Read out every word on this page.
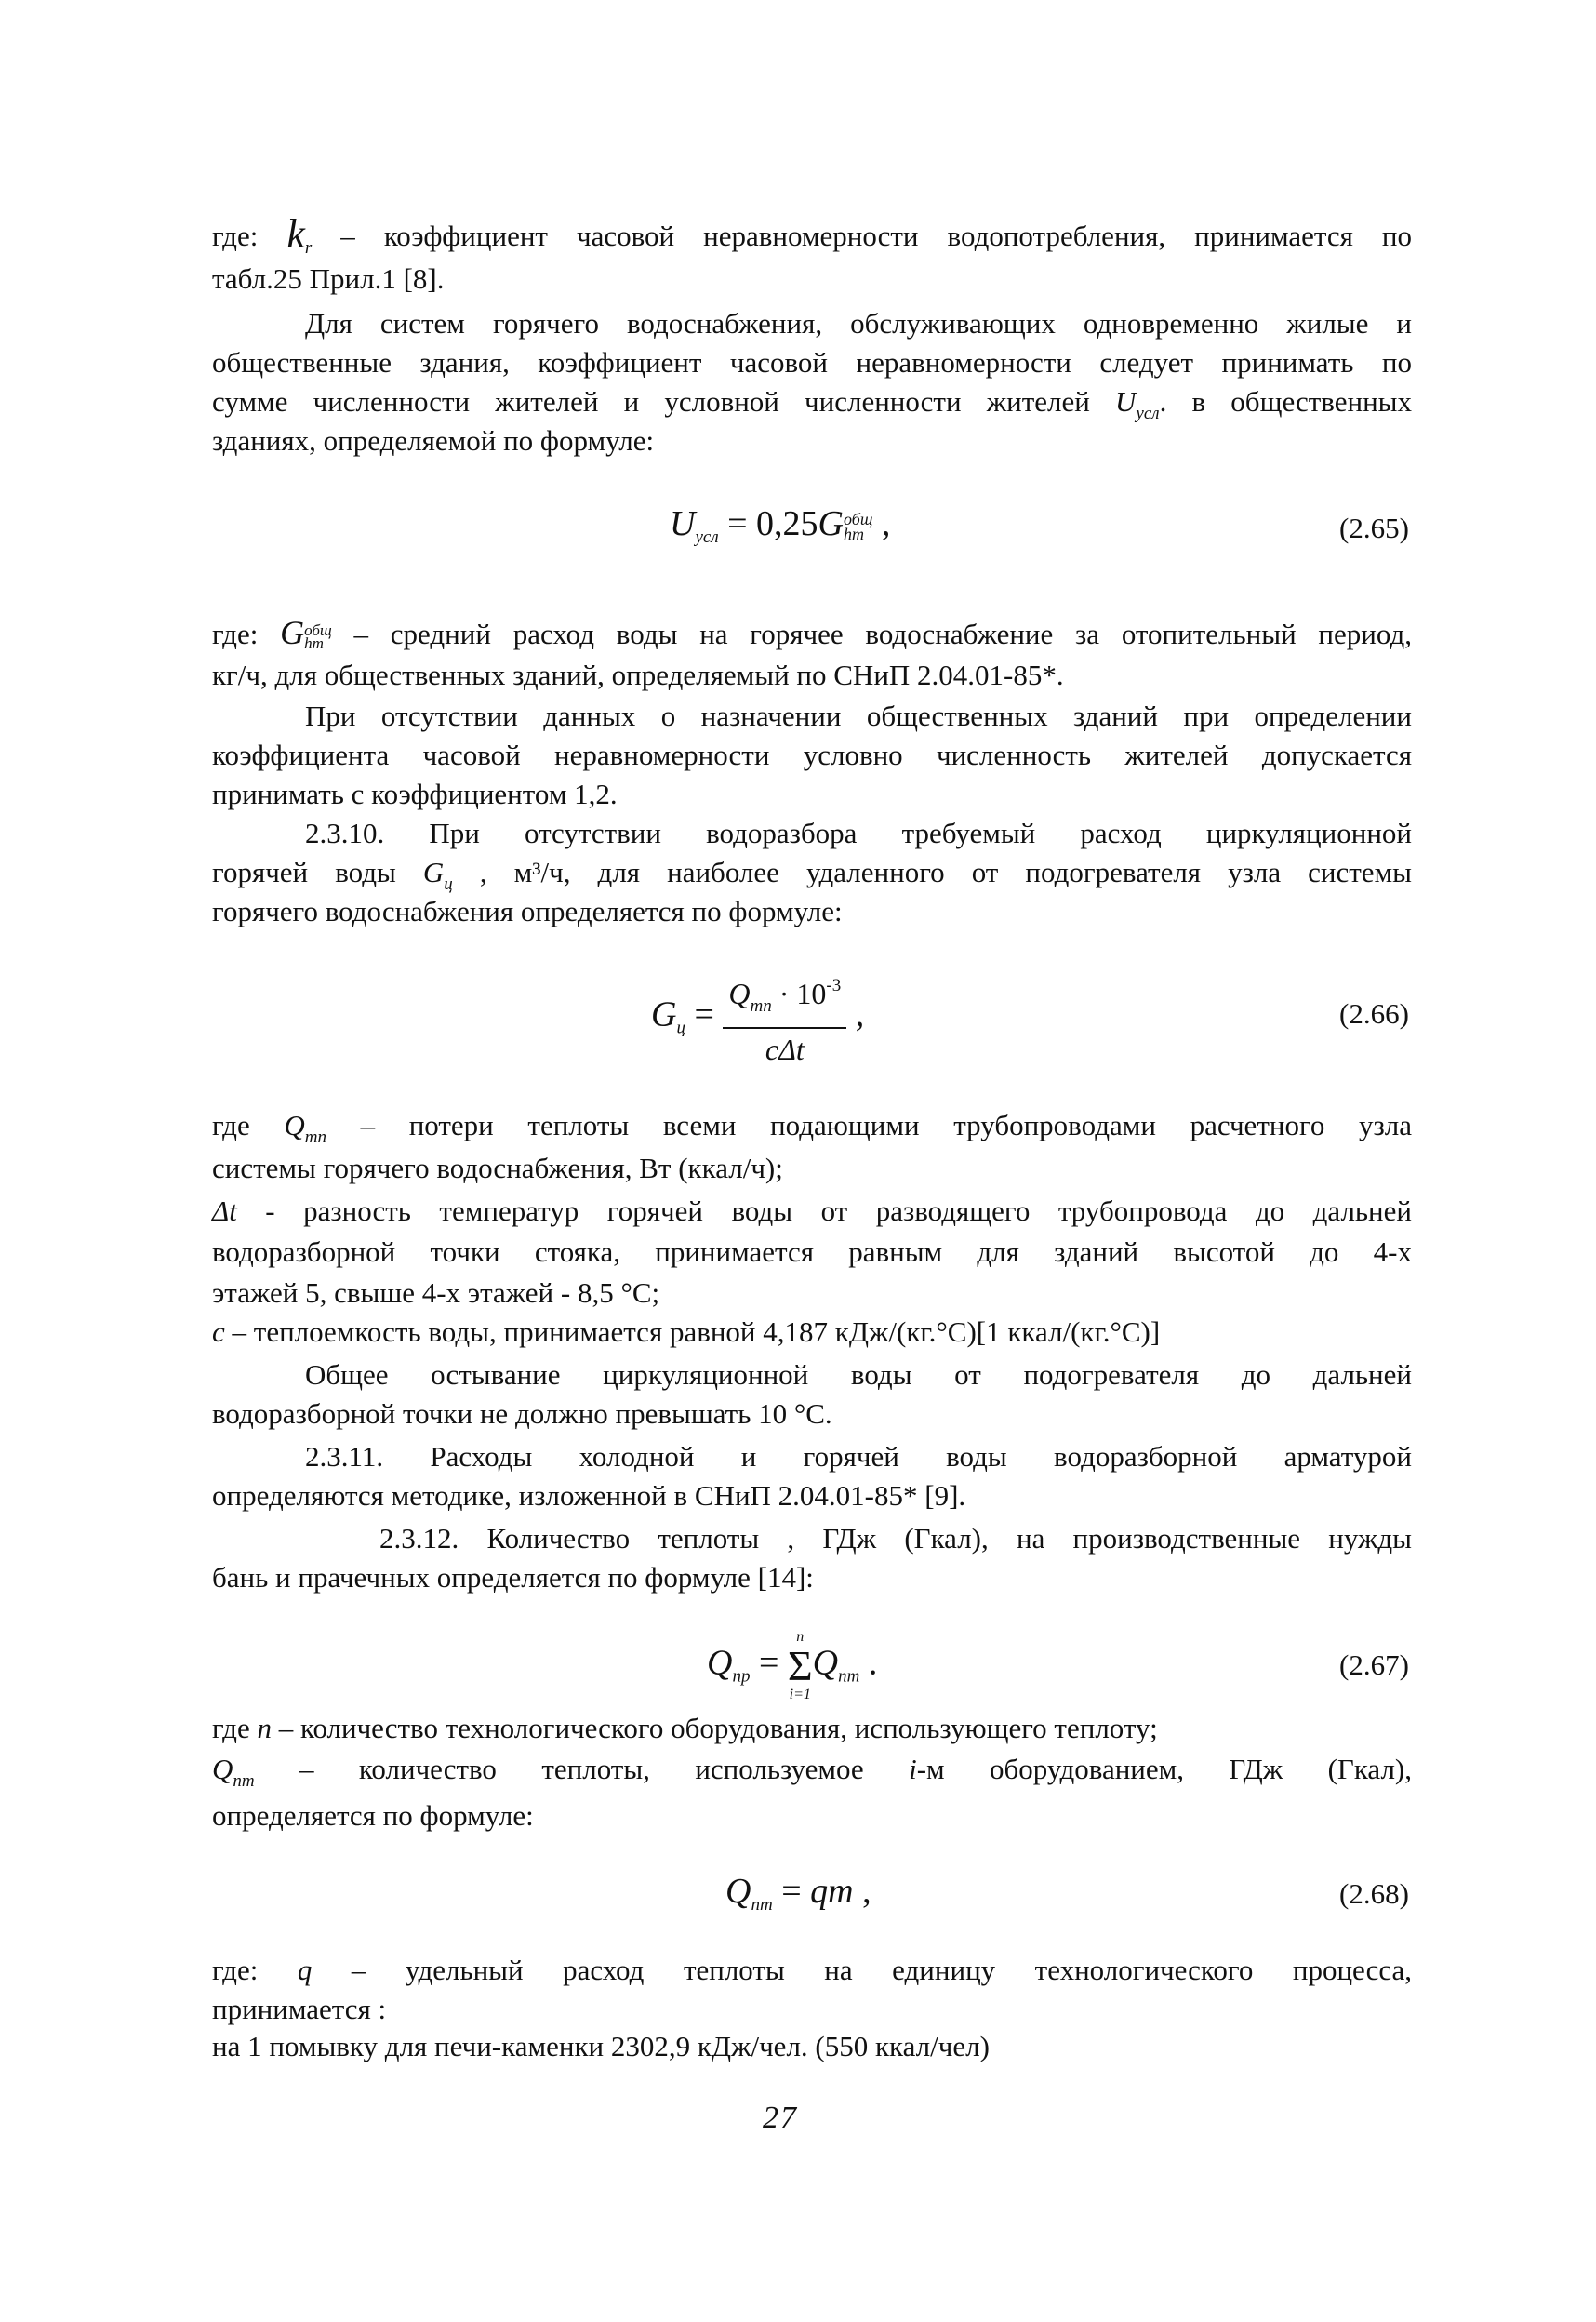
где: $k_r$ – коэффициент часовой неравномерности водопотребления, принимается по
табл.25 Прил.1 [8].
Для систем горячего водоснабжения, обслуживающих одновременно жилые и
общественные здания, коэффициент часовой неравномерности следует принимать по
сумме численности жителей и условной численности жителей $U_{усл}$. в общественных
зданиях, определяемой по формуле:
$U_{усл} = 0,25G$ общ
hm ,	(2.65)
где: G общ
hm – средний расход воды на горячее водоснабжение за отопительный период,
кг/ч, для общественных зданий, определяемый по СНиП 2.04.01-85*.
При отсутствии данных о назначении общественных зданий при определении
коэффициента часовой неравномерности условно численность жителей допускается
принимать с коэффициентом 1,2.
2.3.10. При отсутствии водоразбора требуемый расход циркуляционной
горячей воды $G_ц$ , м³/ч, для наиболее удаленного от подогревателя узла системы
горячего водоснабжения определяется по формуле:
$G_ц = \frac{Q_{mn} \cdot 10^{-3}}{\text{cΔt}}$ ,	(2.66)
где $Q_{mn}$ – потери теплоты всеми подающими трубопроводами расчетного узла
системы горячего водоснабжения, Вт (ккал/ч);
Δt - разность температур горячей воды от разводящего трубопровода до дальней
водоразборной точки стояка, принимается равным для зданий высотой до 4-х
этажей 5, свыше 4-х этажей - 8,5 °С;
с – теплоемкость воды, принимается равной 4,187 кДж/(кг.°С)[1 ккал/(кг.°С)]
Общее остывание циркуляционной воды от подогревателя до дальней
водоразборной точки не должно превышать 10 °С.
2.3.11. Расходы холодной и горячей воды водоразборной арматурой
определяются методике, изложенной в СНиП 2.04.01-85* [9].
2.3.12. Количество теплоты , ГДж (Гкал), на производственные нужды
бань и прачечных определяется по формуле [14]:
$Q_{пр}$ =
n
Σ
i=1
$Q_{пm}$ .	(2.67)
где n – количество технологического оборудования, использующего теплоту;
$Q_{пm}$ – количество теплоты, используемое i-м оборудованием, ГДж (Гкал),
определяется по формуле:
$Q_{пm}$ = qm ,	(2.68)
где: q – удельный расход теплоты на единицу технологического процесса,
принимается :
на 1 помывку для печи-каменки 2302,9 кДж/чел. (550 ккал/чел)
27
